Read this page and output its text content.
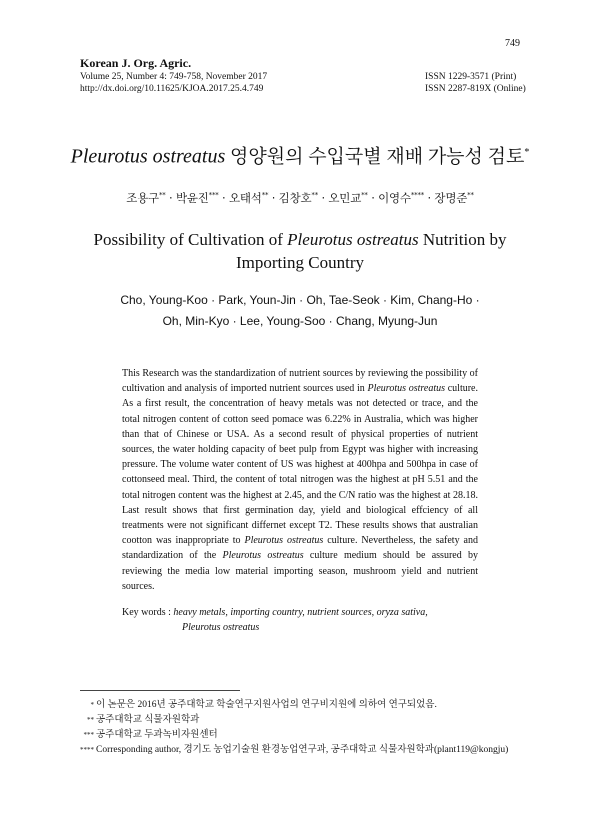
Korean J. Org. Agric.
Volume 25, Number 4: 749-758, November 2017
http://dx.doi.org/10.11625/KJOA.2017.25.4.749
749
ISSN 1229-3571 (Print)
ISSN 2287-819X (Online)
Pleurotus ostreatus 영양원의 수입국별 재배 가능성 검토*
조용구** · 박윤진*** · 오태석** · 김창호** · 오민교** · 이영수**** · 장명준**
Possibility of Cultivation of Pleurotus ostreatus Nutrition by Importing Country
Cho, Young-Koo · Park, Youn-Jin · Oh, Tae-Seok · Kim, Chang-Ho ·
Oh, Min-Kyo · Lee, Young-Soo · Chang, Myung-Jun
This Research was the standardization of nutrient sources by reviewing the possibility of cultivation and analysis of imported nutrient sources used in Pleurotus ostreatus culture. As a first result, the concentration of heavy metals was not detected or trace, and the total nitrogen content of cotton seed pomace was 6.22% in Australia, which was higher than that of Chinese or USA. As a second result of physical properties of nutrient sources, the water holding capacity of beet pulp from Egypt was higher with increasing pressure. The volume water content of US was highest at 400hpa and 500hpa in case of cottonseed meal. Third, the content of total nitrogen was the highest at pH 5.51 and the total nitrogen content was the highest at 2.45, and the C/N ratio was the highest at 28.18. Last result shows that first germination day, yield and biological effciency of all treatments were not significant differnet except T2. These results shows that australian cootton was inappropriate to Pleurotus ostreatus culture. Nevertheless, the safety and standardization of the Pleurotus ostreatus culture medium should be assured by reviewing the media low material importing season, mushroom yield and nutrient sources.
Key words : heavy metals, importing country, nutrient sources, oryza sativa,
Pleurotus ostreatus
* 이 논문은 2016년 공주대학교 학술연구지원사업의 연구비지원에 의하여 연구되었음.
** 공주대학교 식물자원학과
*** 공주대학교 두과녹비자원센터
**** Corresponding author, 경기도 농업기술원 환경농업연구과, 공주대학교 식물자원학과(plant119@kongju)
